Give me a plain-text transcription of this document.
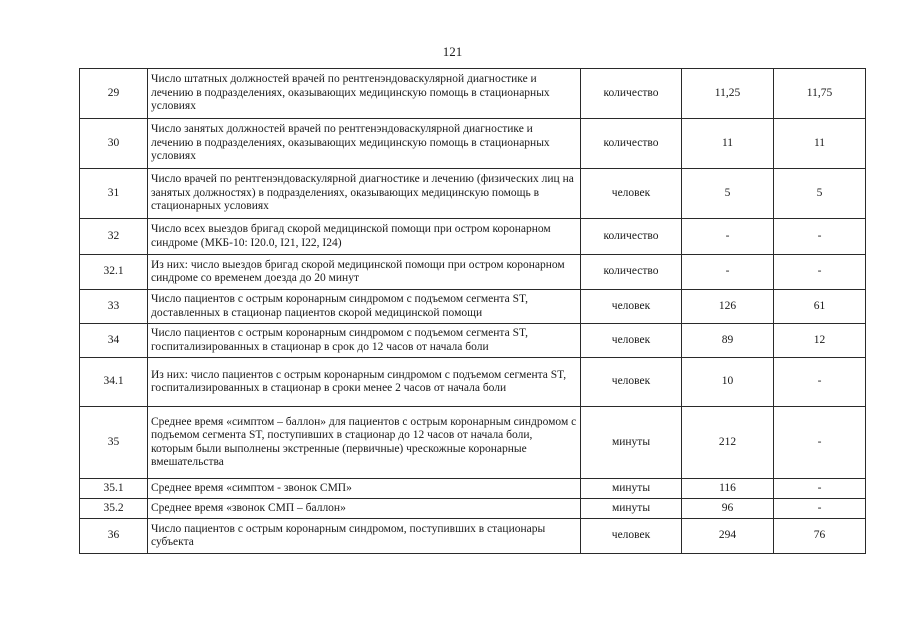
121
29	Число штатных должностей врачей по рентгенэндоваскулярной диагностике и лечению в подразделениях, оказывающих медицинскую помощь в стационарных условиях	количество	11,25	11,75
30	Число занятых должностей врачей по рентгенэндоваскулярной диагностике и лечению в подразделениях, оказывающих медицинскую помощь в стационарных условиях	количество	11	11
31	Число врачей по рентгенэндоваскулярной диагностике и лечению (физических лиц на занятых должностях) в подразделениях, оказывающих медицинскую помощь в стационарных условиях	человек	5	5
32	Число всех выездов бригад скорой медицинской помощи при остром коронарном синдроме (МКБ-10: I20.0, I21, I22, I24)	количество	-	-
32.1	Из них: число выездов бригад скорой медицинской помощи при остром коронарном синдроме со временем доезда до 20 минут	количество	-	-
33	Число пациентов с острым коронарным синдромом с подъемом сегмента ST, доставленных в стационар пациентов скорой медицинской помощи	человек	126	61
34	Число пациентов с острым коронарным синдромом с подъемом сегмента ST, госпитализированных в стационар в срок до 12 часов от начала боли	человек	89	12
34.1	Из них: число пациентов с острым коронарным синдромом с подъемом сегмента ST, госпитализированных в стационар в сроки менее 2 часов от начала боли	человек	10	-
35	Среднее время «симптом – баллон» для пациентов с острым коронарным синдромом с подъемом сегмента ST, поступивших в стационар до 12 часов от начала боли, которым были выполнены экстренные (первичные) чрескожные коронарные вмешательства	минуты	212	-
35.1	Среднее время «симптом - звонок СМП»	минуты	116	-
35.2	Среднее время «звонок СМП – баллон»	минуты	96	-
36	Число пациентов с острым коронарным синдромом, поступивших в стационары субъекта	человек	294	76
